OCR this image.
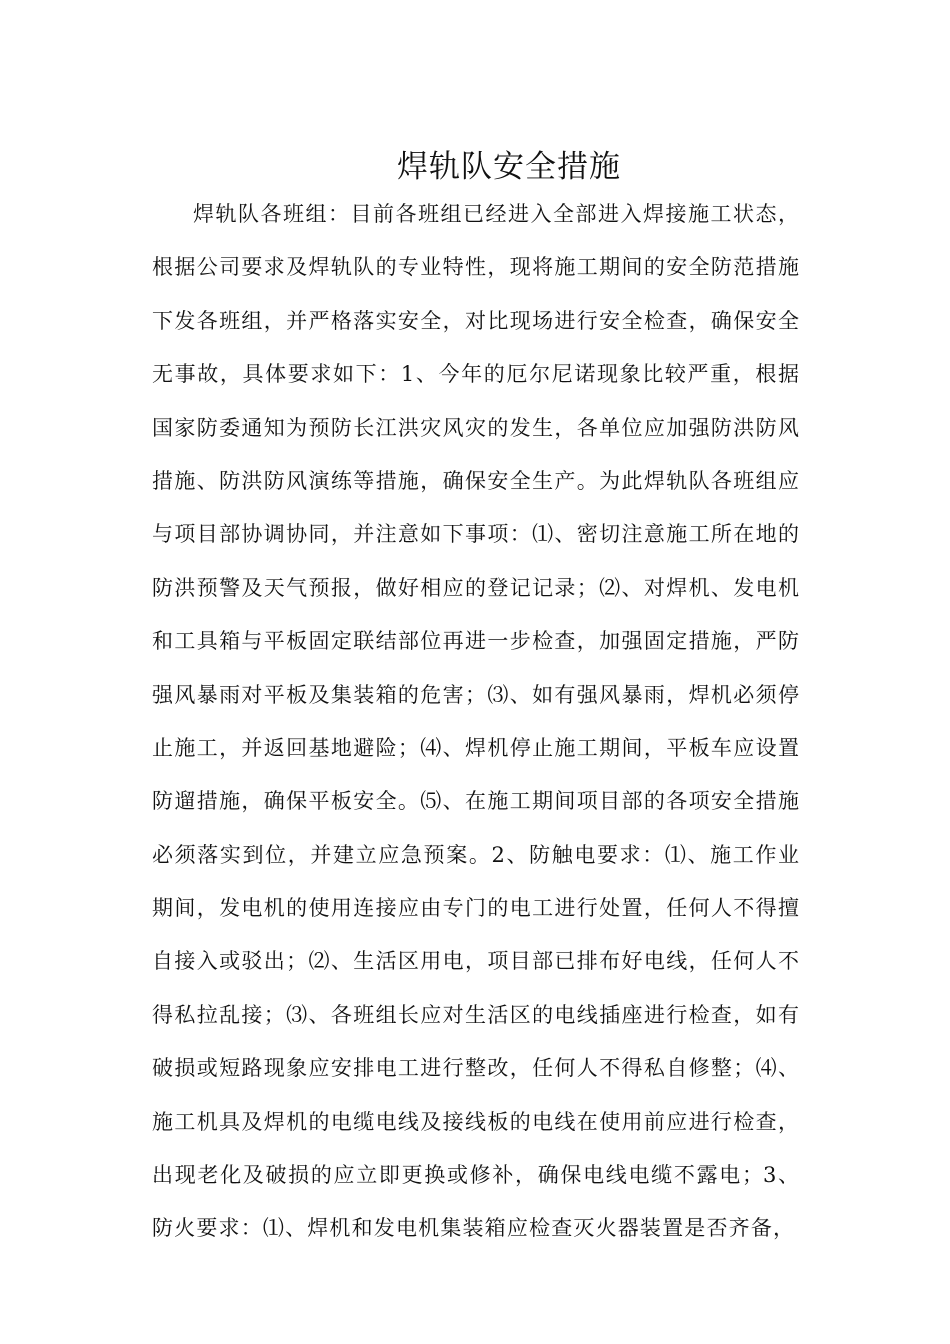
焊轨队安全措施
焊轨队各班组：目前各班组已经进入全部进入焊接施工状态，
根据公司要求及焊轨队的专业特性，现将施工期间的安全防范措施
下发各班组，并严格落实安全，对比现场进行安全检查，确保安全
无事故，具体要求如下：1、今年的厄尔尼诺现象比较严重，根据
国家防委通知为预防长江洪灾风灾的发生，各单位应加强防洪防风
措施、防洪防风演练等措施，确保安全生产。为此焊轨队各班组应
与项目部协调协同，并注意如下事项：⑴、密切注意施工所在地的
防洪预警及天气预报，做好相应的登记记录；⑵、对焊机、发电机
和工具箱与平板固定联结部位再进一步检查，加强固定措施，严防
强风暴雨对平板及集装箱的危害；⑶、如有强风暴雨，焊机必须停
止施工，并返回基地避险；⑷、焊机停止施工期间，平板车应设置
防遛措施，确保平板安全。⑸、在施工期间项目部的各项安全措施
必须落实到位，并建立应急预案。2、防触电要求：⑴、施工作业
期间，发电机的使用连接应由专门的电工进行处置，任何人不得擅
自接入或驳出；⑵、生活区用电，项目部已排布好电线，任何人不
得私拉乱接；⑶、各班组长应对生活区的电线插座进行检查，如有
破损或短路现象应安排电工进行整改，任何人不得私自修整；⑷、
施工机具及焊机的电缆电线及接线板的电线在使用前应进行检查，
出现老化及破损的应立即更换或修补，确保电线电缆不露电；3、
防火要求：⑴、焊机和发电机集装箱应检查灭火器装置是否齐备，
